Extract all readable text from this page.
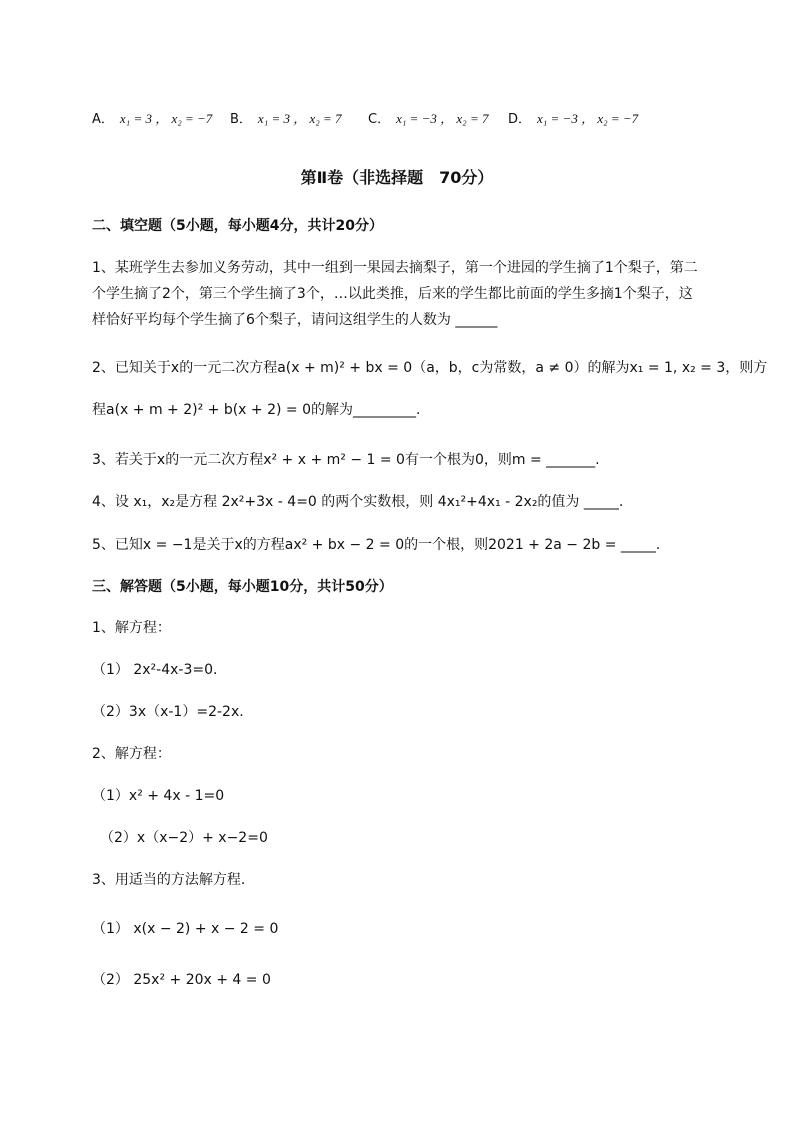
A． x₁ = 3 ， x₂ = −7 B． x₁ = 3 ， x₂ = 7 C． x₁ = −3 ， x₂ = 7 D． x₁ = −3 ， x₂ = −7
第Ⅱ卷（非选择题　70分）
二、填空题（5小题，每小题4分，共计20分）
1、某班学生去参加义务劳动，其中一组到一果园去摘梨子，第一个进园的学生摘了1个梨子，第二
个学生摘了2个，第三个学生摘了3个，…以此类推，后来的学生都比前面的学生多摘1个梨子，这
样恰好平均每个学生摘了6个梨子，请问这组学生的人数为 ______
2、已知关于x的一元二次方程a(x + m)² + bx = 0（a，b，c为常数，a ≠ 0）的解为x₁ = 1, x₂ = 3，则方
程a(x + m + 2)² + b(x + 2) = 0的解为_________.
3、若关于x的一元二次方程x² + x + m² − 1 = 0有一个根为0，则m = _______.
4、设 x₁，x₂是方程 2x²+3x - 4=0 的两个实数根，则 4x₁²+4x₁ - 2x₂的值为 _____.
5、已知x = −1是关于x的方程ax² + bx − 2 = 0的一个根，则2021 + 2a − 2b = _____.
三、解答题（5小题，每小题10分，共计50分）
1、解方程：
（1） 2x²-4x-3=0.
（2）3x（x-1）=2-2x.
2、解方程：
（1）x² + 4x - 1=0
（2）x（x−2）+ x−2=0
3、用适当的方法解方程．
（1） x(x − 2) + x − 2 = 0
（2） 25x² + 20x + 4 = 0
